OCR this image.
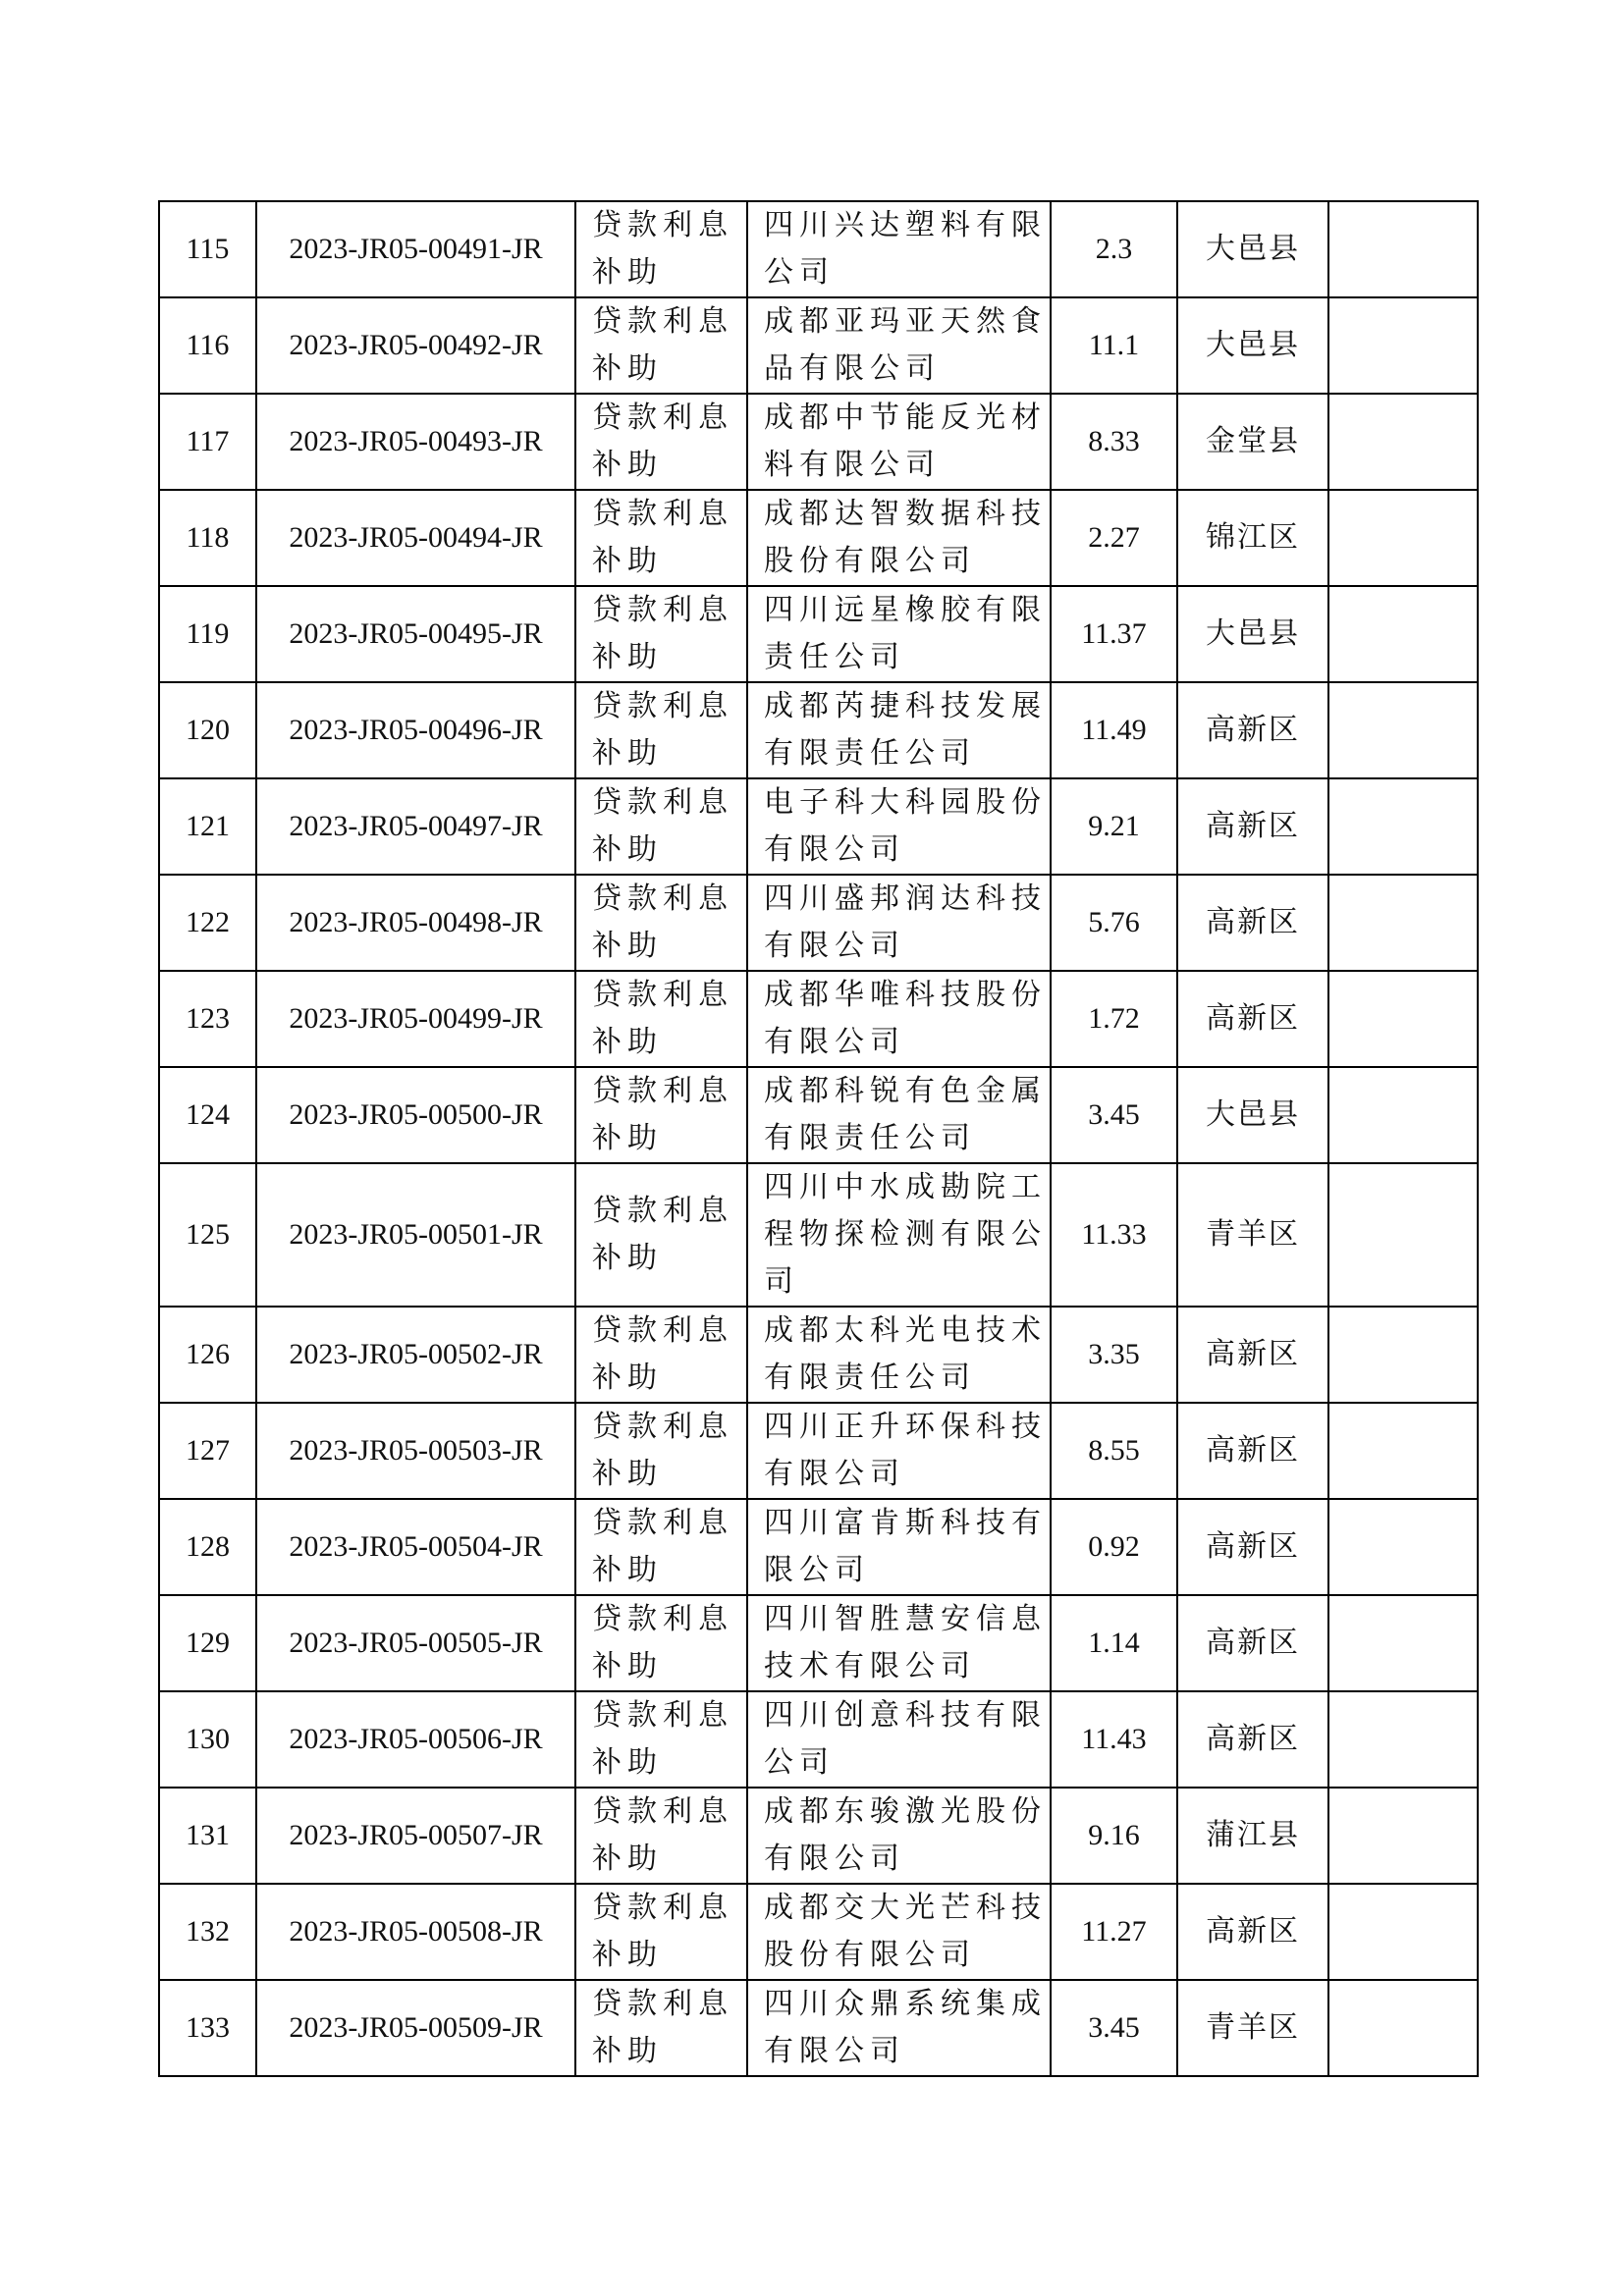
115	2023-JR05-00491-JR	贷款利息补助	四川兴达塑料有限公司	2.3	大邑县	
116	2023-JR05-00492-JR	贷款利息补助	成都亚玛亚天然食品有限公司	11.1	大邑县	
117	2023-JR05-00493-JR	贷款利息补助	成都中节能反光材料有限公司	8.33	金堂县	
118	2023-JR05-00494-JR	贷款利息补助	成都达智数据科技股份有限公司	2.27	锦江区	
119	2023-JR05-00495-JR	贷款利息补助	四川远星橡胶有限责任公司	11.37	大邑县	
120	2023-JR05-00496-JR	贷款利息补助	成都芮捷科技发展有限责任公司	11.49	高新区	
121	2023-JR05-00497-JR	贷款利息补助	电子科大科园股份有限公司	9.21	高新区	
122	2023-JR05-00498-JR	贷款利息补助	四川盛邦润达科技有限公司	5.76	高新区	
123	2023-JR05-00499-JR	贷款利息补助	成都华唯科技股份有限公司	1.72	高新区	
124	2023-JR05-00500-JR	贷款利息补助	成都科锐有色金属有限责任公司	3.45	大邑县	
125	2023-JR05-00501-JR	贷款利息补助	四川中水成勘院工程物探检测有限公司	11.33	青羊区	
126	2023-JR05-00502-JR	贷款利息补助	成都太科光电技术有限责任公司	3.35	高新区	
127	2023-JR05-00503-JR	贷款利息补助	四川正升环保科技有限公司	8.55	高新区	
128	2023-JR05-00504-JR	贷款利息补助	四川富肯斯科技有限公司	0.92	高新区	
129	2023-JR05-00505-JR	贷款利息补助	四川智胜慧安信息技术有限公司	1.14	高新区	
130	2023-JR05-00506-JR	贷款利息补助	四川创意科技有限公司	11.43	高新区	
131	2023-JR05-00507-JR	贷款利息补助	成都东骏激光股份有限公司	9.16	蒲江县	
132	2023-JR05-00508-JR	贷款利息补助	成都交大光芒科技股份有限公司	11.27	高新区	
133	2023-JR05-00509-JR	贷款利息补助	四川众鼎系统集成有限公司	3.45	青羊区	
